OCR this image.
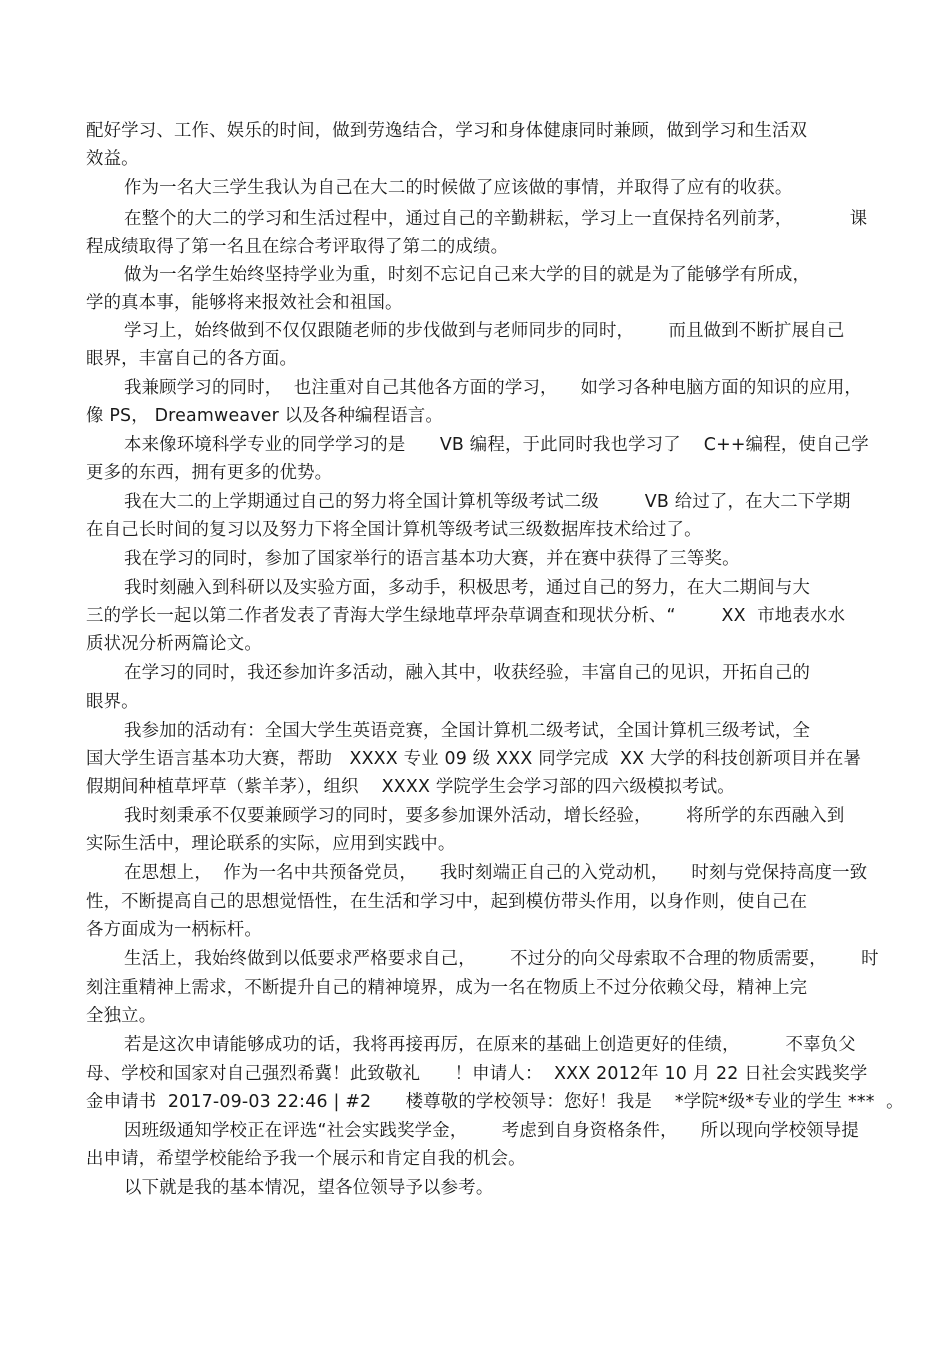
配好学习、工作、娱乐的时间，做到劳逸结合，学习和身体健康同时兼顾，做到学习和生活双
效益。
作为一名大三学生我认为自己在大二的时候做了应该做的事情，并取得了应有的收获。
在整个的大二的学习和生活过程中，通过自己的辛勤耕耘，学习上一直保持名列前茅，          课
程成绩取得了第一名且在综合考评取得了第二的成绩。
做为一名学生始终坚持学业为重，时刻不忘记自己来大学的目的就是为了能够学有所成，
学的真本事，能够将来报效社会和祖国。
学习上，始终做到不仅仅跟随老师的步伐做到与老师同步的同时，      而且做到不断扩展自己
眼界，丰富自己的各方面。
我兼顾学习的同时，  也注重对自己其他各方面的学习，    如学习各种电脑方面的知识的应用，
像 PS， Dreamweaver 以及各种编程语言。
本来像环境科学专业的同学学习的是      VB 编程，于此同时我也学习了    C++编程，使自己学
更多的东西，拥有更多的优势。
我在大二的上学期通过自己的努力将全国计算机等级考试二级        VB 给过了，在大二下学期
在自己长时间的复习以及努力下将全国计算机等级考试三级数据库技术给过了。
我在学习的同时，参加了国家举行的语言基本功大赛，并在赛中获得了三等奖。
我时刻融入到科研以及实验方面，多动手，积极思考，通过自己的努力，在大二期间与大
三的学长一起以第二作者发表了青海大学生绿地草坪杂草调查和现状分析、“        XX  市地表水水
质状况分析两篇论文。
在学习的同时，我还参加许多活动，融入其中，收获经验，丰富自己的见识，开拓自己的
眼界。
我参加的活动有：全国大学生英语竞赛，全国计算机二级考试，全国计算机三级考试，全
国大学生语言基本功大赛，帮助   XXXX 专业 09 级 XXX 同学完成  XX 大学的科技创新项目并在暑
假期间种植草坪草（紫羊茅），组织    XXXX 学院学生会学习部的四六级模拟考试。
我时刻秉承不仅要兼顾学习的同时，要多参加课外活动，增长经验，      将所学的东西融入到
实际生活中，理论联系的实际，应用到实践中。
在思想上，  作为一名中共预备党员，    我时刻端正自己的入党动机，    时刻与党保持高度一致
性，不断提高自己的思想觉悟性，在生活和学习中，起到模仿带头作用，以身作则，使自己在
各方面成为一柄标杆。
生活上，我始终做到以低要求严格要求自己，      不过分的向父母索取不合理的物质需要，      时
刻注重精神上需求，不断提升自己的精神境界，成为一名在物质上不过分依赖父母，精神上完
全独立。
若是这次申请能够成功的话，我将再接再厉，在原来的基础上创造更好的佳绩，        不辜负父
母、学校和国家对自己强烈希冀！此致敬礼      ！申请人：  XXX 2012年 10 月 22 日社会实践奖学
金申请书  2017-09-03 22:46 | #2      楼尊敬的学校领导：您好！我是    *学院*级*专业的学生 ***  。
因班级通知学校正在评选“社会实践奖学金，      考虑到自身资格条件，    所以现向学校领导提
出申请，希望学校能给予我一个展示和肯定自我的机会。
以下就是我的基本情况，望各位领导予以参考。
